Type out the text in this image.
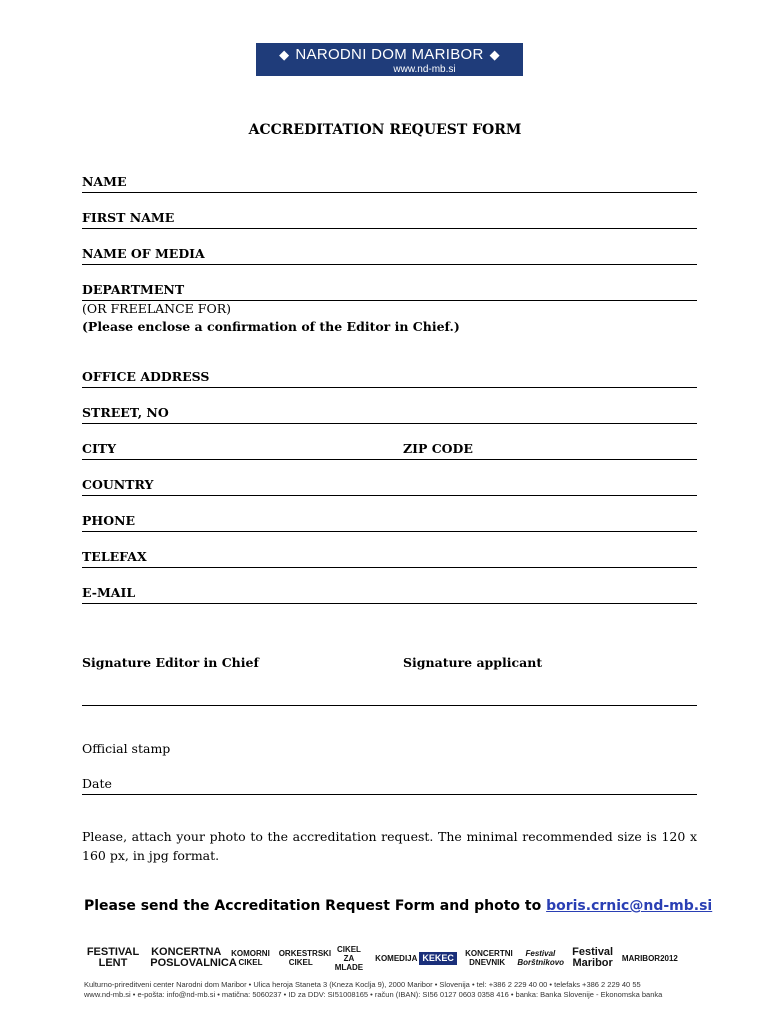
◆ NARODNI DOM MARIBOR ◆
www.nd-mb.si
ACCREDITATION REQUEST FORM
NAME
FIRST NAME
NAME OF MEDIA
DEPARTMENT
(OR FREELANCE FOR)
(Please enclose a confirmation of the Editor in Chief.)
OFFICE ADDRESS
STREET, NO
CITY	ZIP CODE
COUNTRY
PHONE
TELEFAX
E-MAIL
Signature Editor in Chief	Signature applicant
Official stamp
Date
Please, attach your photo to the accreditation request. The minimal recommended size is 120 x 160 px, in jpg format.
Please send the Accreditation Request Form and photo to boris.crnic@nd-mb.si
FESTIVAL LENT
KONCERTNA POSLOVALNICA
KOMORNI CIKEL
ORKESTRSKI CIKEL
CIKEL ZA MLADE
KOMEDIJA KEKEC	KONCERTNI DNEVNIK
Festival Borštnikovo
Festival Maribor MARIBOR2012
Kulturno-prireditveni center Narodni dom Maribor • Ulica heroja Staneta 3 (Kneza Koclja 9), 2000 Maribor • Slovenija • tel: +386 2 229 40 00 • telefaks +386 2 229 40 55
www.nd-mb.si • e-pošta: info@nd-mb.si • matična: 5060237 • ID za DDV: SI51008165 • račun (IBAN): SI56 0127 0603 0358 416 • banka: Banka Slovenije - Ekonomska banka
